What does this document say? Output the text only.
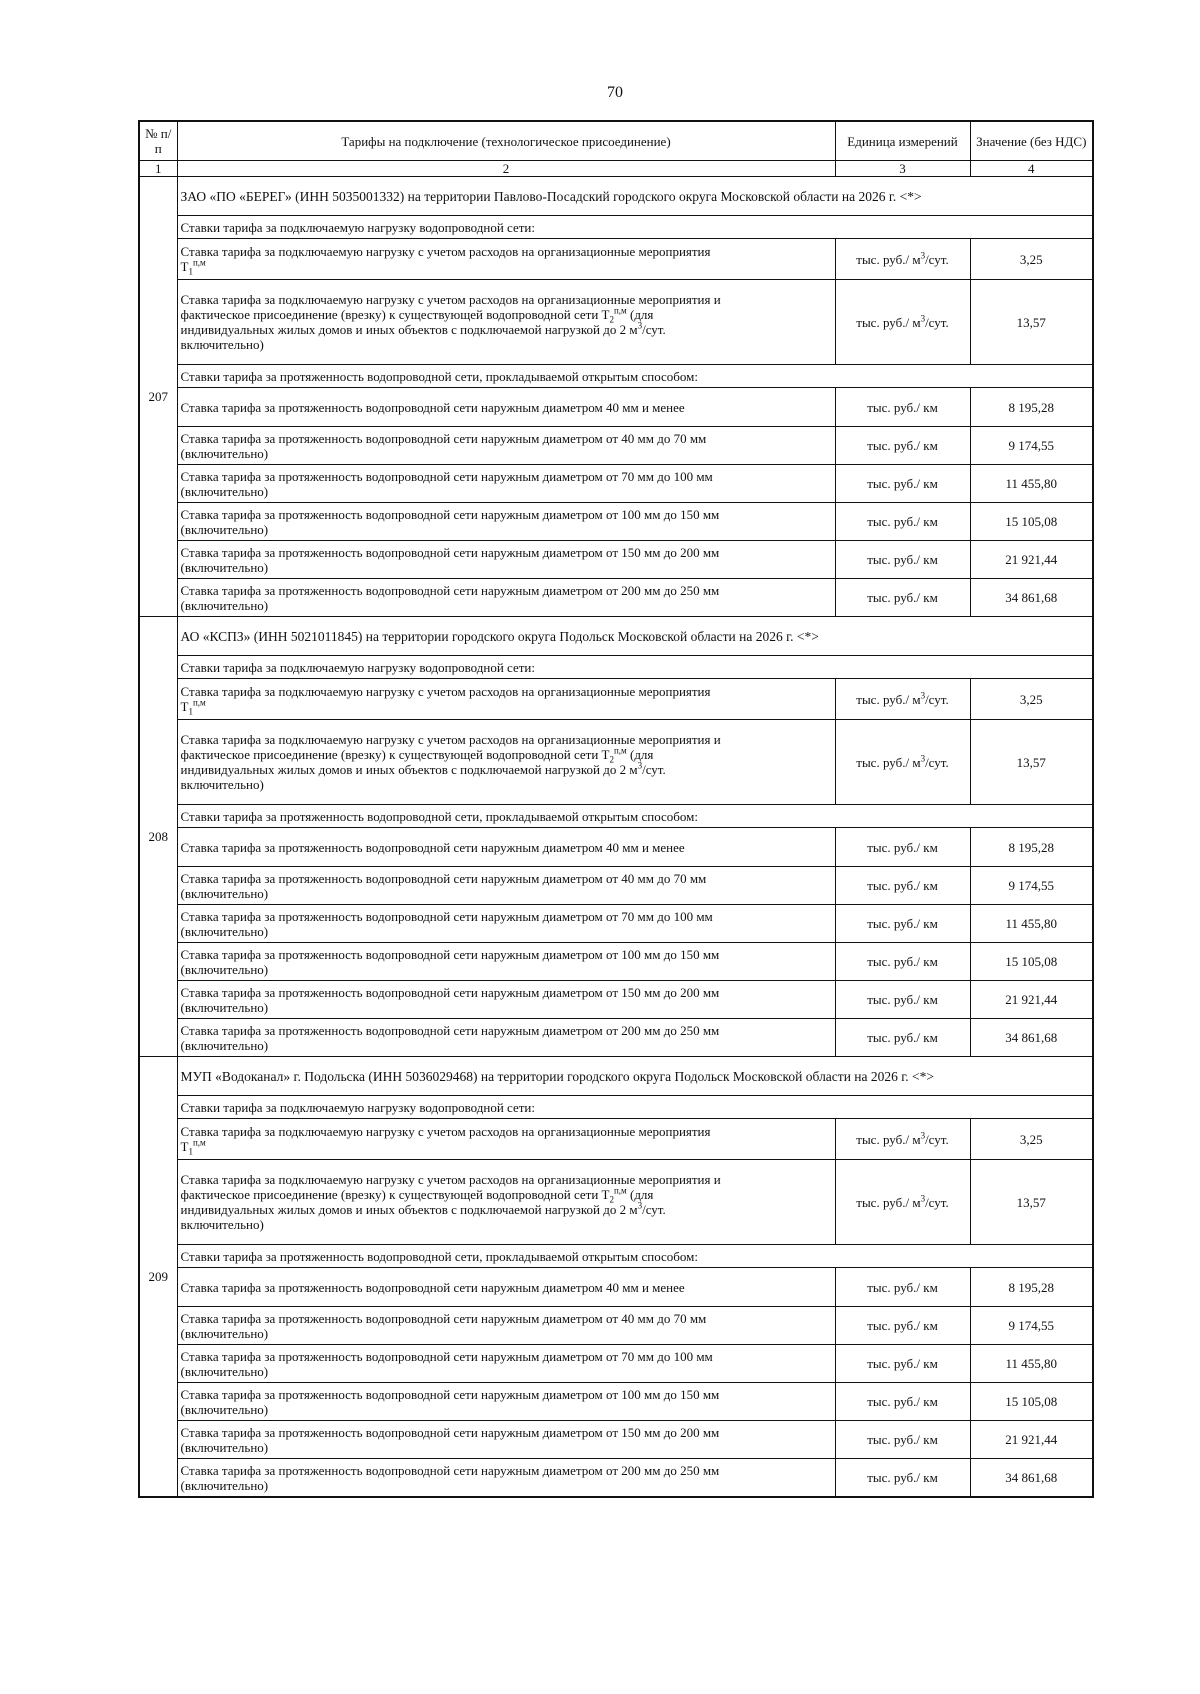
70
№ п/п	Тарифы на подключение (технологическое присоединение)	Единица измерений	Значение (без НДС)
1	2	3	4
207	ЗАО «ПО «БЕРЕГ» (ИНН 5035001332) на территории Павлово-Посадский городского округа Московской области на 2026 г. <*>		
	Ставки тарифа за подключаемую нагрузку водопроводной сети:		

	Ставка тарифа за подключаемую нагрузку с учетом расходов на организационные мероприятия
$T_1^{п,м}$	тыс. руб./ $м^3$/сут.	3,25

	Ставка тарифа за подключаемую нагрузку с учетом расходов на организационные мероприятия и
фактическое присоединение (врезку) к существующей водопроводной сети $T_2^{п,м}$ (для
индивидуальных жилых домов и иных объектов с подключаемой нагрузкой до 2 $м^3$/сут.
включительно)	тыс. руб./ $м^3$/сут.	13,57
	Ставки тарифа за протяженность водопроводной сети, прокладываемой открытым способом:		

	Ставка тарифа за протяженность водопроводной сети наружным диаметром 40 мм и менее	тыс. руб./ км	8 195,28

	Ставка тарифа за протяженность водопроводной сети наружным диаметром от 40 мм до 70 мм
(включительно)	тыс. руб./ км	9 174,55

	Ставка тарифа за протяженность водопроводной сети наружным диаметром от 70 мм до 100 мм
(включительно)	тыс. руб./ км	11 455,80

	Ставка тарифа за протяженность водопроводной сети наружным диаметром от 100 мм до 150 мм
(включительно)	тыс. руб./ км	15 105,08

	Ставка тарифа за протяженность водопроводной сети наружным диаметром от 150 мм до 200 мм
(включительно)	тыс. руб./ км	21 921,44

	Ставка тарифа за протяженность водопроводной сети наружным диаметром от 200 мм до 250 мм
(включительно)	тыс. руб./ км	34 861,68
208	АО «КСПЗ» (ИНН 5021011845) на территории городского округа Подольск Московской области на 2026 г. <*>		
	Ставки тарифа за подключаемую нагрузку водопроводной сети:		

	Ставка тарифа за подключаемую нагрузку с учетом расходов на организационные мероприятия
$T_1^{п,м}$	тыс. руб./ $м^3$/сут.	3,25

	Ставка тарифа за подключаемую нагрузку с учетом расходов на организационные мероприятия и
фактическое присоединение (врезку) к существующей водопроводной сети $T_2^{п,м}$ (для
индивидуальных жилых домов и иных объектов с подключаемой нагрузкой до 2 $м^3$/сут.
включительно)	тыс. руб./ $м^3$/сут.	13,57
	Ставки тарифа за протяженность водопроводной сети, прокладываемой открытым способом:		

	Ставка тарифа за протяженность водопроводной сети наружным диаметром 40 мм и менее	тыс. руб./ км	8 195,28

	Ставка тарифа за протяженность водопроводной сети наружным диаметром от 40 мм до 70 мм
(включительно)	тыс. руб./ км	9 174,55

	Ставка тарифа за протяженность водопроводной сети наружным диаметром от 70 мм до 100 мм
(включительно)	тыс. руб./ км	11 455,80

	Ставка тарифа за протяженность водопроводной сети наружным диаметром от 100 мм до 150 мм
(включительно)	тыс. руб./ км	15 105,08

	Ставка тарифа за протяженность водопроводной сети наружным диаметром от 150 мм до 200 мм
(включительно)	тыс. руб./ км	21 921,44

	Ставка тарифа за протяженность водопроводной сети наружным диаметром от 200 мм до 250 мм
(включительно)	тыс. руб./ км	34 861,68
209	МУП «Водоканал» г. Подольска (ИНН 5036029468) на территории городского округа Подольск Московской области на 2026 г. <*>		
	Ставки тарифа за подключаемую нагрузку водопроводной сети:		

	Ставка тарифа за подключаемую нагрузку с учетом расходов на организационные мероприятия
$T_1^{п,м}$	тыс. руб./ $м^3$/сут.	3,25

	Ставка тарифа за подключаемую нагрузку с учетом расходов на организационные мероприятия и
фактическое присоединение (врезку) к существующей водопроводной сети $T_2^{п,м}$ (для
индивидуальных жилых домов и иных объектов с подключаемой нагрузкой до 2 $м^3$/сут.
включительно)	тыс. руб./ $м^3$/сут.	13,57
	Ставки тарифа за протяженность водопроводной сети, прокладываемой открытым способом:		

	Ставка тарифа за протяженность водопроводной сети наружным диаметром 40 мм и менее	тыс. руб./ км	8 195,28

	Ставка тарифа за протяженность водопроводной сети наружным диаметром от 40 мм до 70 мм
(включительно)	тыс. руб./ км	9 174,55

	Ставка тарифа за протяженность водопроводной сети наружным диаметром от 70 мм до 100 мм
(включительно)	тыс. руб./ км	11 455,80

	Ставка тарифа за протяженность водопроводной сети наружным диаметром от 100 мм до 150 мм
(включительно)	тыс. руб./ км	15 105,08

	Ставка тарифа за протяженность водопроводной сети наружным диаметром от 150 мм до 200 мм
(включительно)	тыс. руб./ км	21 921,44

	Ставка тарифа за протяженность водопроводной сети наружным диаметром от 200 мм до 250 мм
(включительно)	тыс. руб./ км	34 861,68
